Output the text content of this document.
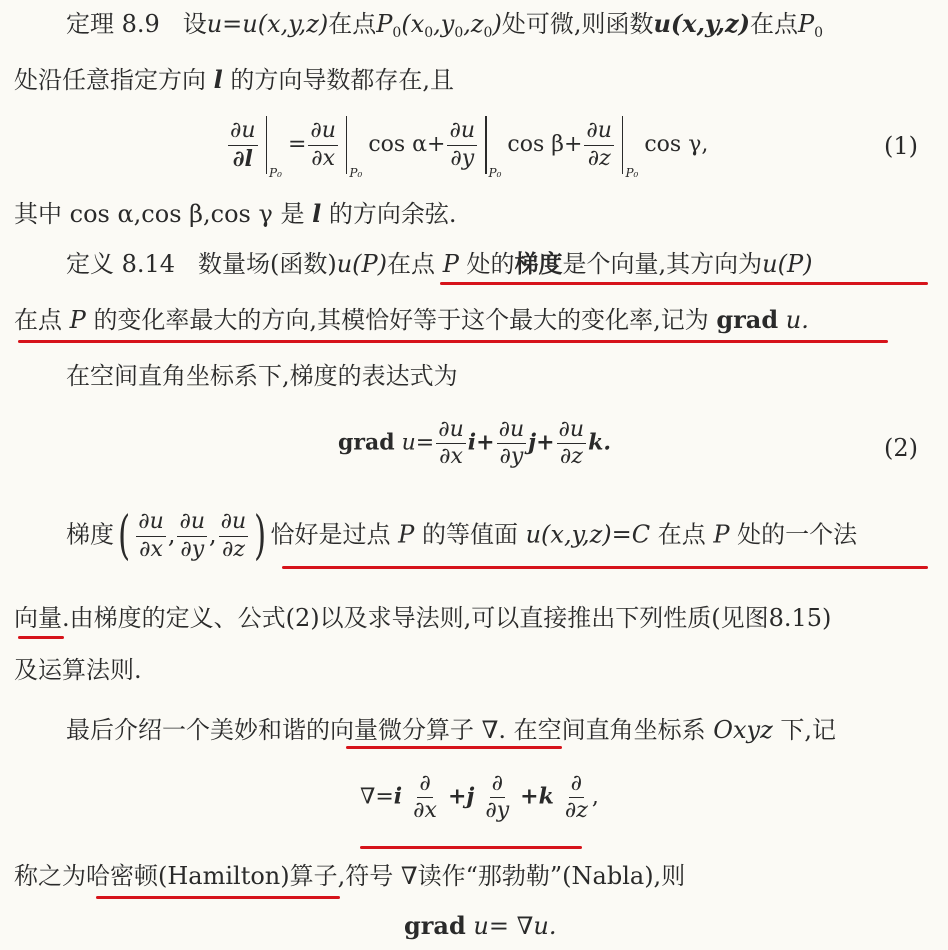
定理 8.9 设u=u(x,y,z)在点$P_0(x_0,y_0,z_0)$处可微,则函数u(x,y,z)在点$P_0$
处沿任意指定方向 l 的方向导数都存在,且
$\frac{\partial u}{\partial l}$
$P_0= \frac{\partial u}{\partial x}$
P₀cos $\alpha+ \frac{\partial u}{\partial y}$
P₀cos $\beta+ \frac{\partial u}{\partial z}$
P₀cos γ,	(1)
其中 cos α,cos β,cos γ 是 l 的方向余弦.
定义 8.14 数量场(函数)u(P)在点 P 处的梯度是个向量,其方向为u(P)
在点 P 的变化率最大的方向,其模恰好等于这个最大的变化率,记为 grad u.
在空间直角坐标系下,梯度的表达式为
grad $u= \frac{\partial u}{\partial x} i+ \frac{\partial u}{\partial y} j+ \frac{\partial u}{\partial z} k$.	(2)
梯度( $\frac{\partial u}{\partial x}$ , $\frac{\partial u}{\partial y}$ , $\frac{\partial u}{\partial z}$ ) 恰好是过点 P 的等值面 u(x,y,z)=C 在点 P 处的一个法
向量.由梯度的定义、公式(2)以及求导法则,可以直接推出下列性质(见图8.15)
及运算法则.
最后介绍一个美妙和谐的向量微分算子 ∇. 在空间直角坐标系 Oxyz 下,记
$\nabla=i \frac{\partial}{\partial x} +j \frac{\partial}{\partial y} +k \frac{\partial}{\partial z}$ ,
称之为哈密顿(Hamilton)算子,符号 ∇读作“那勃勒”(Nabla),则
grad u= ∇u.
